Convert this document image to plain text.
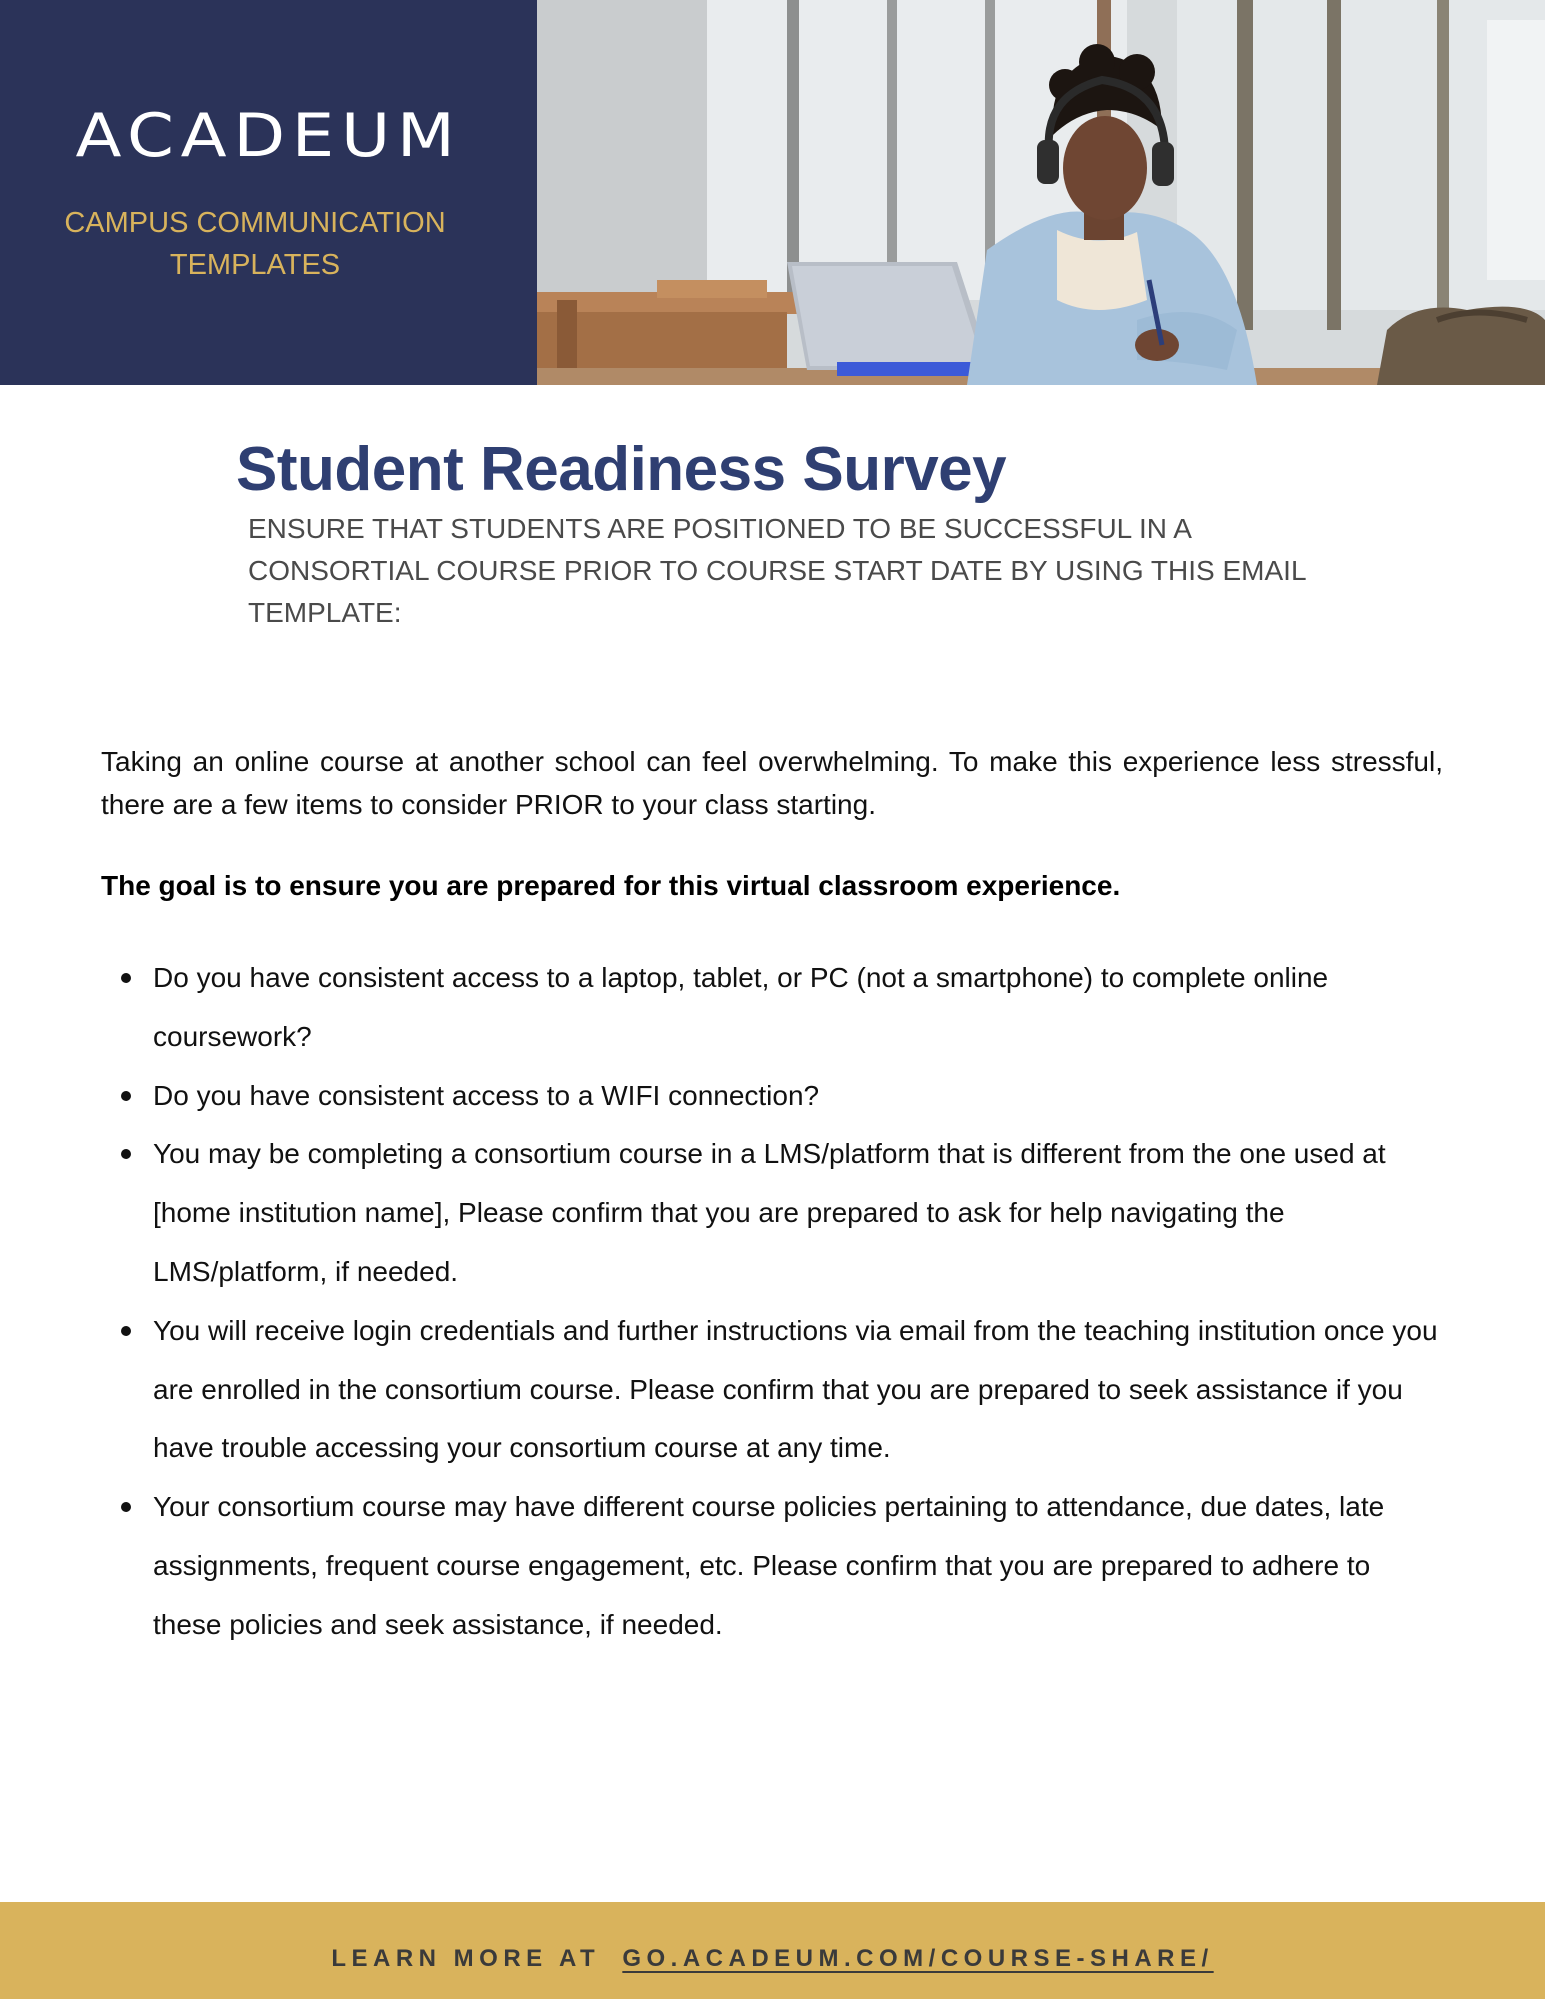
ACADEUM
CAMPUS COMMUNICATION TEMPLATES
Student Readiness Survey

ENSURE THAT STUDENTS ARE POSITIONED TO BE SUCCESSFUL IN A CONSORTIAL COURSE PRIOR TO COURSE START DATE BY USING THIS EMAIL TEMPLATE:

Taking an online course at another school can feel overwhelming. To make this experience less stressful, there are a few items to consider PRIOR to your class starting.

The goal is to ensure you are prepared for this virtual classroom experience.

Do you have consistent access to a laptop, tablet, or PC (not a smartphone) to complete online coursework?
Do you have consistent access to a WIFI connection?
You may be completing a consortium course in a LMS/platform that is different from the one used at [home institution name], Please confirm that you are prepared to ask for help navigating the LMS/platform, if needed.
You will receive login credentials and further instructions via email from the teaching institution once you are enrolled in the consortium course. Please confirm that you are prepared to seek assistance if you have trouble accessing your consortium course at any time.
Your consortium course may have different course policies pertaining to attendance, due dates, late assignments, frequent course engagement, etc. Please confirm that you are prepared to adhere to these policies and seek assistance, if needed.
LEARN MORE AT GO.ACADEUM.COM/COURSE-SHARE/
